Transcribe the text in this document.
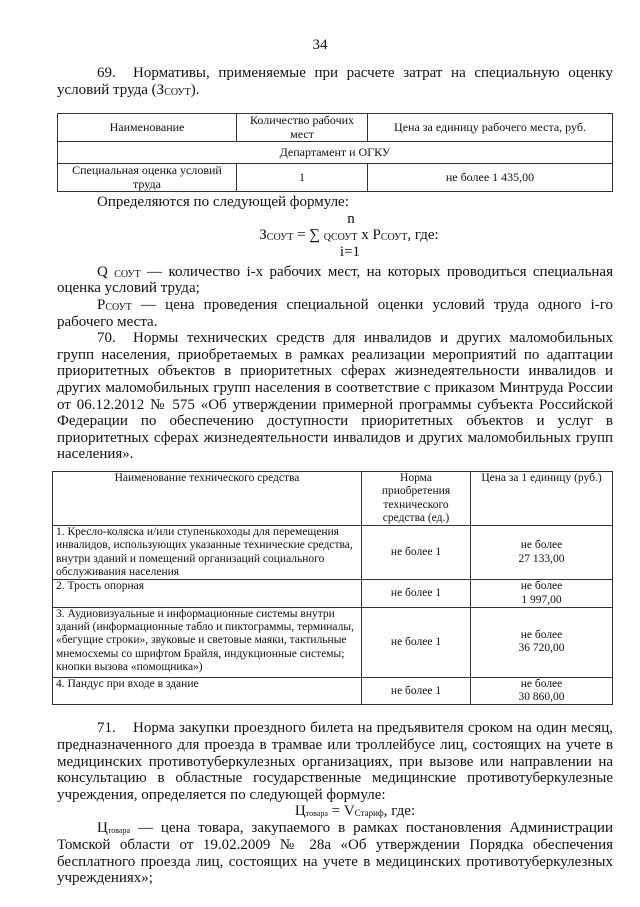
34
69. Нормативы, применяемые при расчете затрат на специальную оценку условий труда (ЗСОУТ).
Наименование	Количество рабочих мест	Цена за единицу рабочего места, руб.
Департамент и ОГКУ		
Специальная оценка условий труда	1	не более 1 435,00
Определяются по следующей формуле:
n
ЗСОУТ = ∑ QСОУТ x PСОУТ, где:
i=1
Q СОУТ — количество i-х рабочих мест, на которых проводиться специальная оценка условий труда;
PСОУТ — цена проведения специальной оценки условий труда одного i-го рабочего места.
70. Нормы технических средств для инвалидов и других маломобильных групп населения, приобретаемых в рамках реализации мероприятий по адаптации приоритетных объектов в приоритетных сферах жизнедеятельности инвалидов и других маломобильных групп населения в соответствие с приказом Минтруда России от 06.12.2012 № 575 «Об утверждении примерной программы субъекта Российской Федерации по обеспечению доступности приоритетных объектов и услуг в приоритетных сферах жизнедеятельности инвалидов и других маломобильных групп населения».
Наименование технического средства	Норма приобретения технического средства (ед.)	Цена за 1 единицу (руб.)
1. Кресло-коляска и/или ступенькоходы для перемещения инвалидов, использующих указанные технические средства, внутри зданий и помещений организаций социального обслуживания населения	не более 1	не более
27 133,00

2. Трость опорная	не более 1	не более
1 997,00

3. Аудиовизуальные и информационные системы внутри зданий (информационные табло и пиктограммы, терминалы, «бегущие строки», звуковые и световые маяки, тактильные мнемосхемы со шрифтом Брайля, индукционные системы; кнопки вызова «помощника»)	не более 1	не более
36 720,00

4. Пандус при входе в здание	не более 1	не более
30 860,00
71. Норма закупки проездного билета на предъявителя сроком на один месяц, предназначенного для проезда в трамвае или троллейбусе лиц, состоящих на учете в медицинских противотуберкулезных организациях, при вызове или направлении на консультацию в областные государственные медицинские противотуберкулезные учреждения, определяется по следующей формуле:
Цтовара = VСтариф, где:
Цтовара — цена товара, закупаемого в рамках постановления Администрации Томской области от 19.02.2009 № 28а «Об утверждении Порядка обеспечения бесплатного проезда лиц, состоящих на учете в медицинских противотуберкулезных учреждениях»;
